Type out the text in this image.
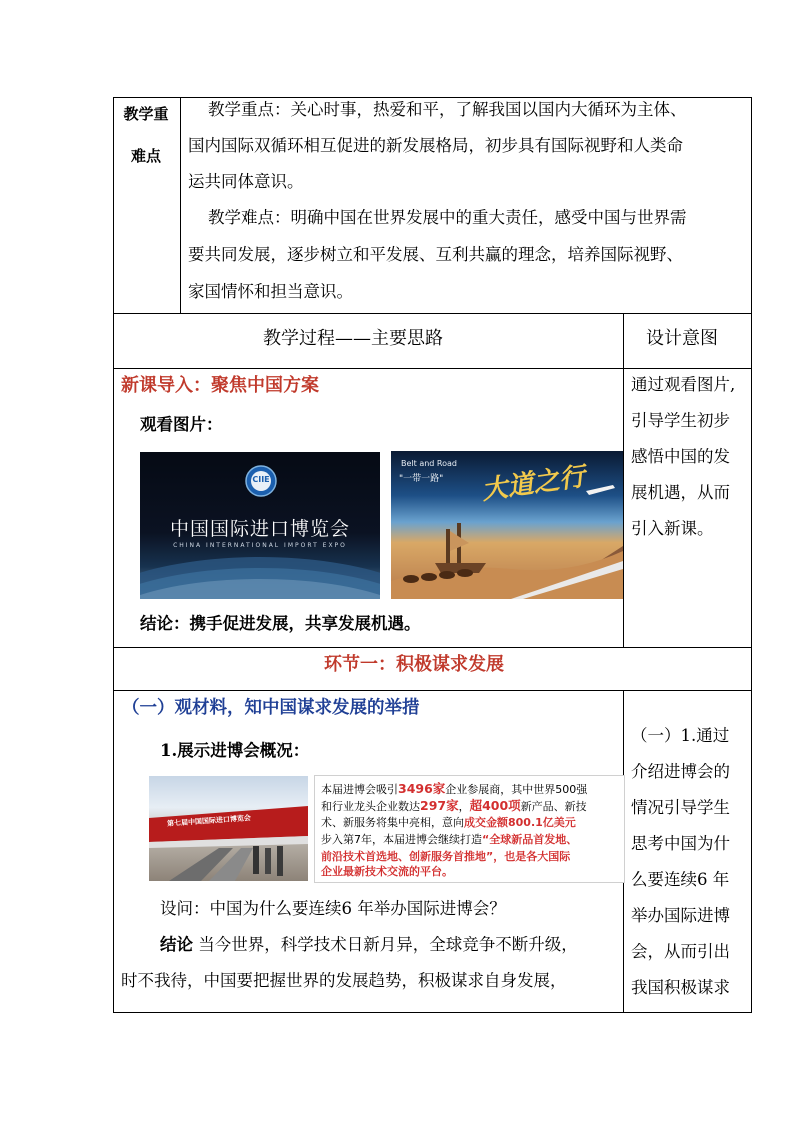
教学重
难点
教学重点：关心时事，热爱和平，了解我国以国内大循环为主体、
国内国际双循环相互促进的新发展格局，初步具有国际视野和人类命
运共同体意识。
教学难点：明确中国在世界发展中的重大责任，感受中国与世界需
要共同发展，逐步树立和平发展、互利共赢的理念，培养国际视野、
家国情怀和担当意识。
教学过程——主要思路	设计意图
新课导入：聚焦中国方案
观看图片：
CIIE
中国国际进口博览会
CHINA INTERNATIONAL IMPORT EXPO
Belt and Road
"一带一路" 大道之行
结论：携手促进发展，共享发展机遇。
通过观看图片,
引导学生初步
感悟中国的发
展机遇，从而
引入新课。
环节一：积极谋求发展
（一）观材料，知中国谋求发展的举措
1.展示进博会概况：
第七届中国国际进口博览会
本届进博会吸引3496家企业参展商，其中世界500强
和行业龙头企业数达297家，超400项新产品、新技
术、新服务将集中亮相，意向成交金额800.1亿美元
步入第7年，本届进博会继续打造“全球新品首发地、
前沿技术首选地、创新服务首推地”，也是各大国际
企业最新技术交流的平台。
设问：中国为什么要连续6 年举办国际进博会？
结论 当今世界，科学技术日新月异，全球竞争不断升级，
时不我待，中国要把握世界的发展趋势，积极谋求自身发展，
（一）1.通过
介绍进博会的
情况引导学生
思考中国为什
么要连续6 年
举办国际进博
会，从而引出
我国积极谋求
